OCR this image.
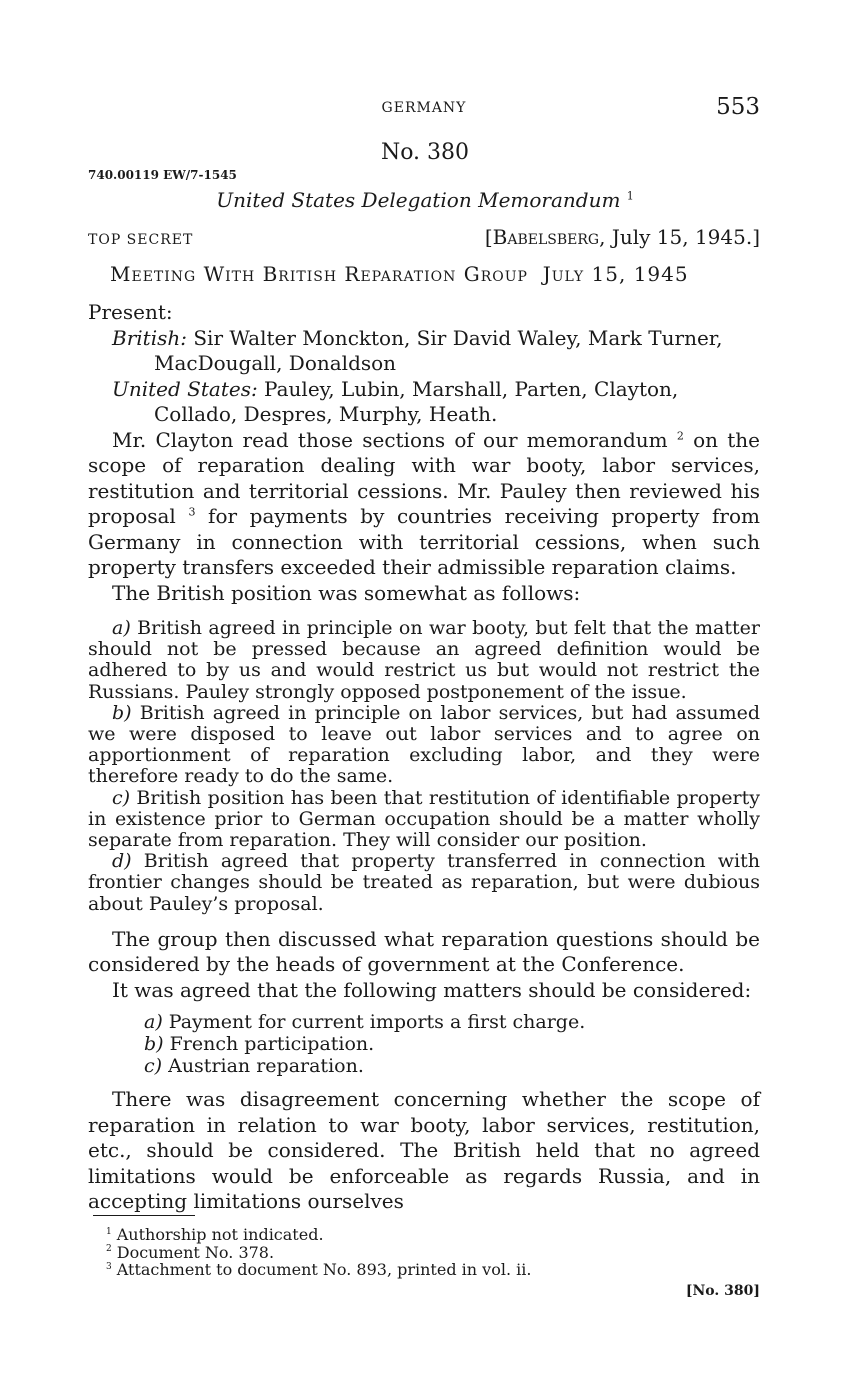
GERMANY	553
No. 380
740.00119 EW/7-1545
United States Delegation Memorandum $^1$
TOP SECRET	[Babelsberg, July 15, 1945.]
Meeting With British Reparation Group July 15, 1945

Present:

British: Sir Walter Monckton, Sir David Waley, Mark Turner, MacDougall, Donaldson

United States: Pauley, Lubin, Marshall, Parten, Clayton, Collado, Despres, Murphy, Heath.

Mr. Clayton read those sections of our memorandum $^2$ on the scope of reparation dealing with war booty, labor services, restitution and territorial cessions. Mr. Pauley then reviewed his proposal $^3$ for payments by countries receiving property from Germany in connection with territorial cessions, when such property transfers exceeded their admissible reparation claims.

The British position was somewhat as follows:

a) British agreed in principle on war booty, but felt that the matter should not be pressed because an agreed definition would be adhered to by us and would restrict us but would not restrict the Russians. Pauley strongly opposed postponement of the issue.

b) British agreed in principle on labor services, but had assumed we were disposed to leave out labor services and to agree on apportionment of reparation excluding labor, and they were therefore ready to do the same.

c) British position has been that restitution of identifiable property in existence prior to German occupation should be a matter wholly separate from reparation. They will consider our position.

d) British agreed that property transferred in connection with frontier changes should be treated as reparation, but were dubious about Pauley’s proposal.

The group then discussed what reparation questions should be considered by the heads of government at the Conference.

It was agreed that the following matters should be considered:

a) Payment for current imports a first charge.
b) French participation.
c) Austrian reparation.

There was disagreement concerning whether the scope of reparation in relation to war booty, labor services, restitution, etc., should be considered. The British held that no agreed limitations would be enforceable as regards Russia, and in accepting limitations ourselves

$^1$ Authorship not indicated.
$^2$ Document No. 378.
$^3$ Attachment to document No. 893, printed in vol. ii.
[No. 380]
